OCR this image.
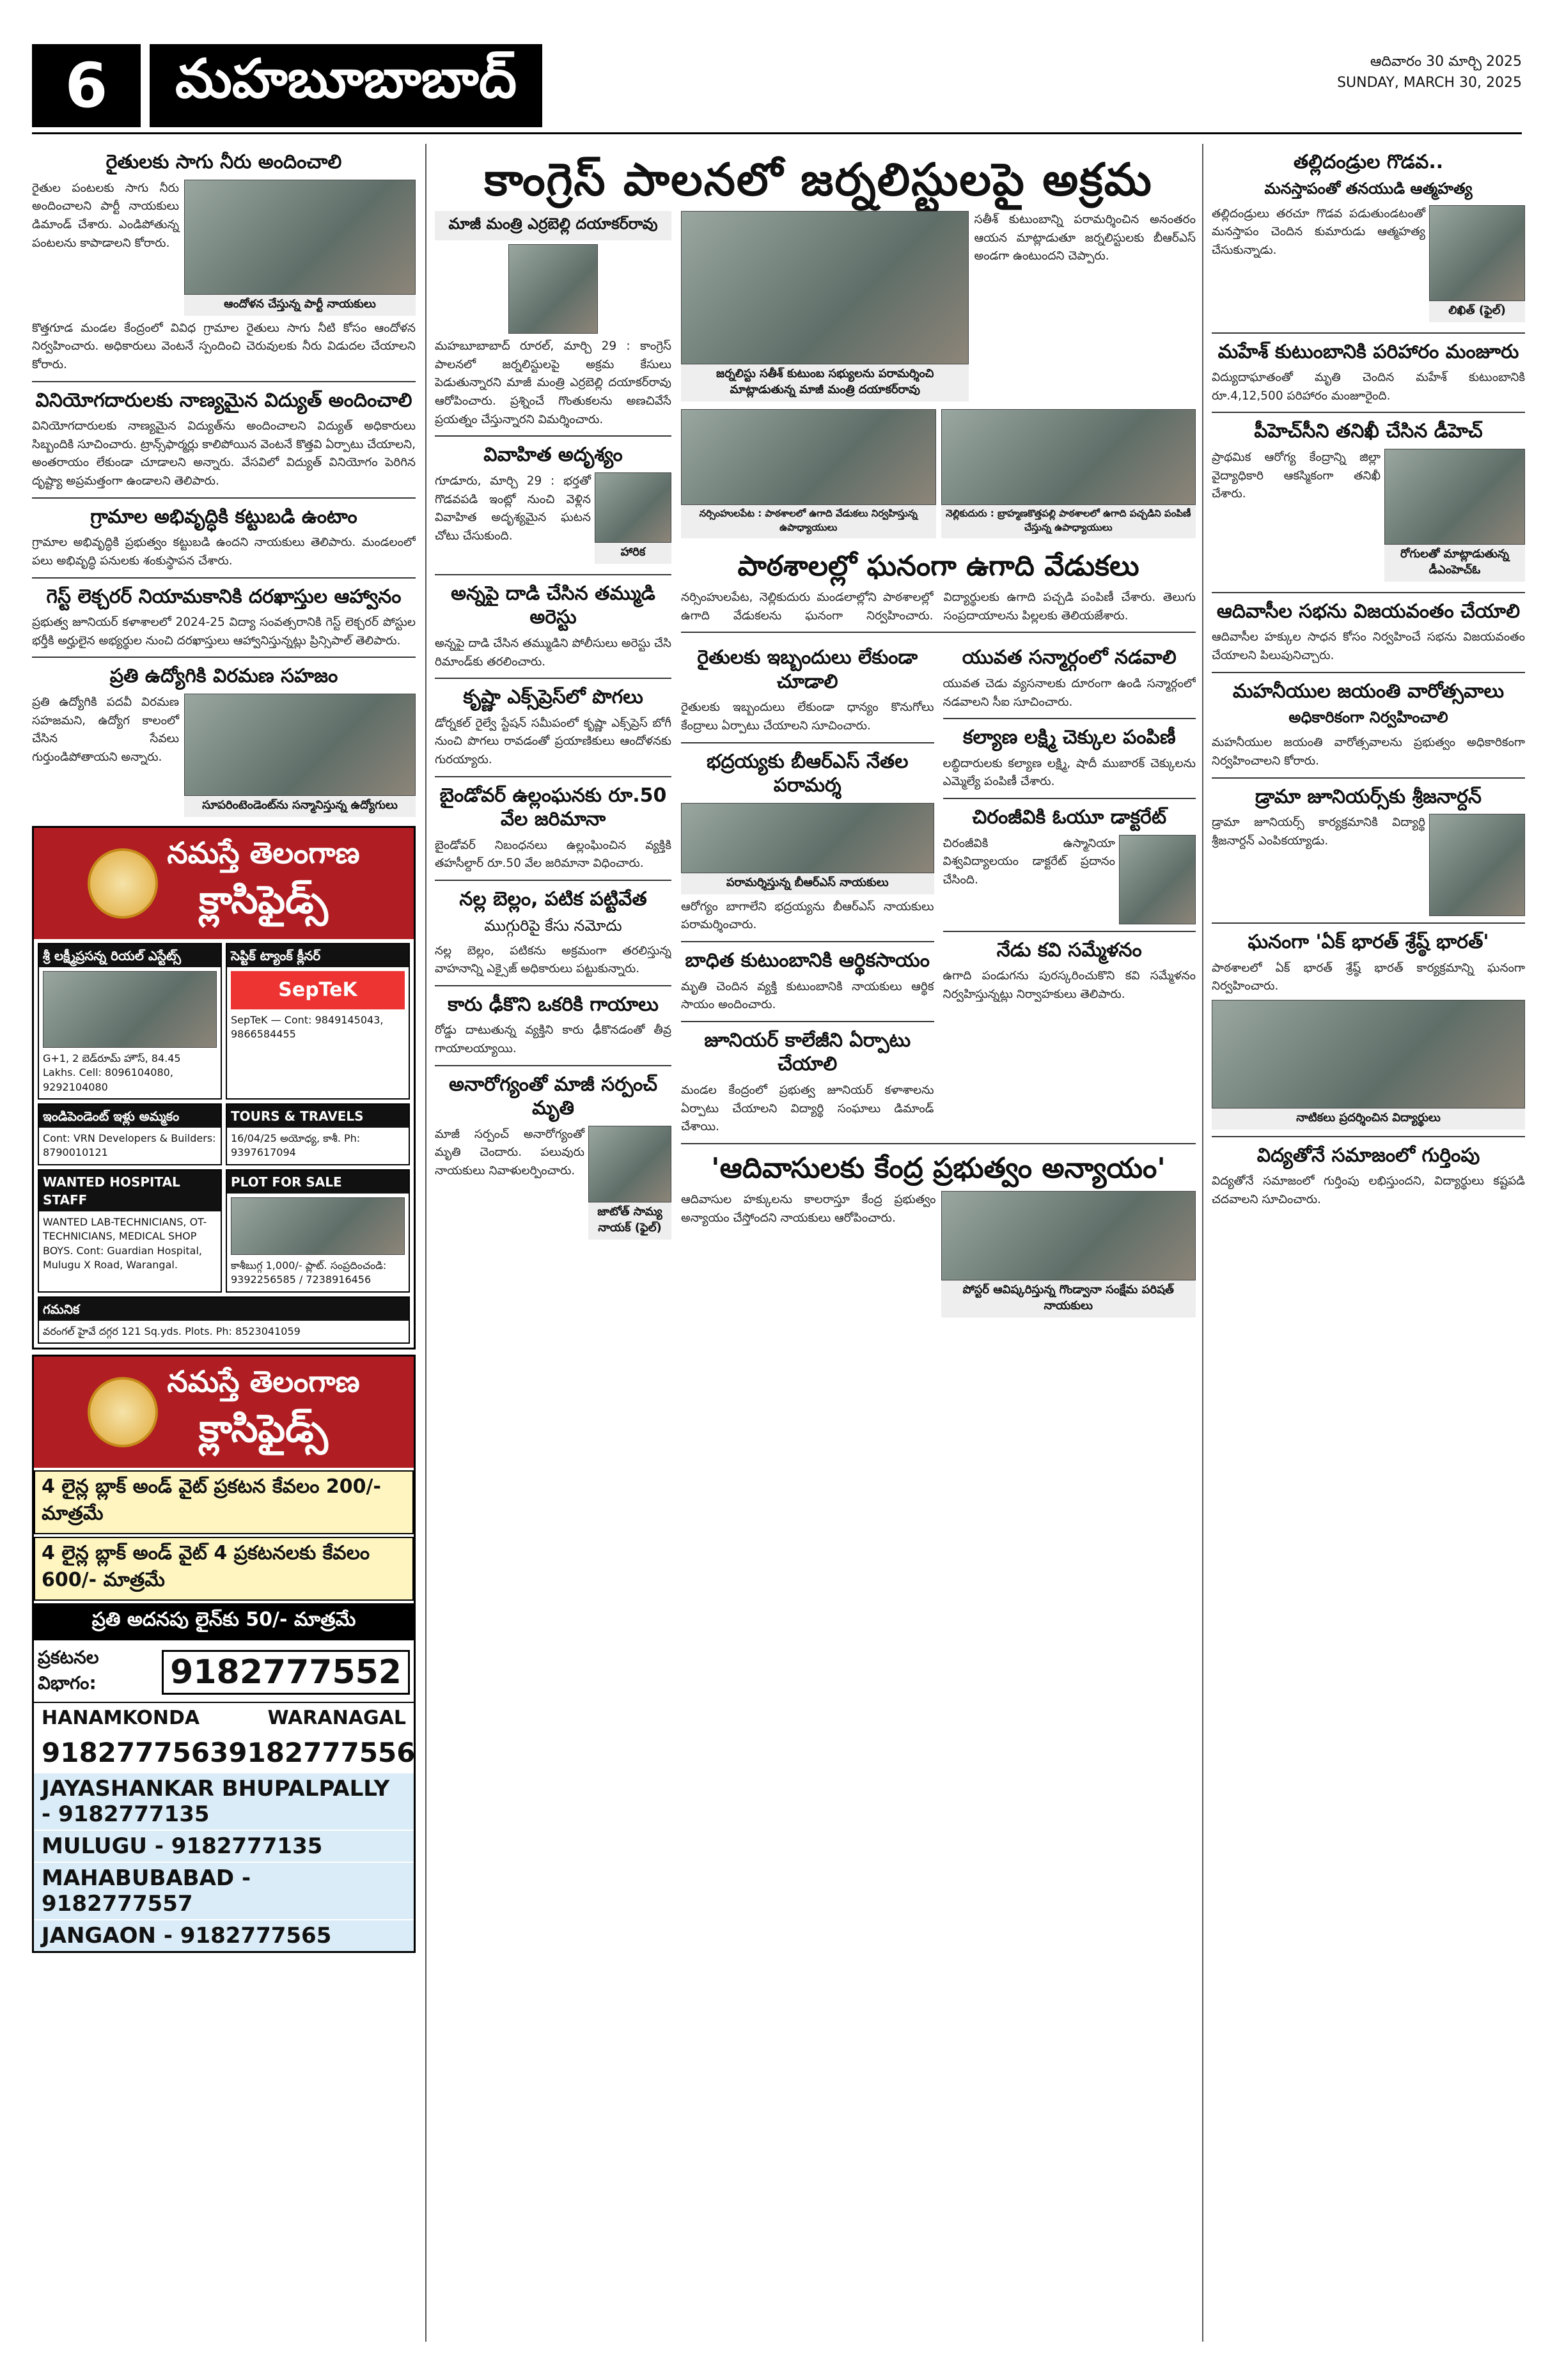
6	మహబూబాబాద్	ఆదివారం 30 మార్చి 2025
SUNDAY, MARCH 30, 2025
రైతులకు సాగు నీరు అందించాలి
రైతుల పంటలకు సాగు నీరు అందించాలని పార్టీ నాయకులు డిమాండ్ చేశారు. ఎండిపోతున్న పంటలను కాపాడాలని కోరారు.
ఆందోళన చేస్తున్న పార్టీ నాయకులు
కొత్తగూడ మండల కేంద్రంలో వివిధ గ్రామాల రైతులు సాగు నీటి కోసం ఆందోళన నిర్వహించారు. అధికారులు వెంటనే స్పందించి చెరువులకు నీరు విడుదల చేయాలని కోరారు.
వినియోగదారులకు నాణ్యమైన విద్యుత్ అందించాలి
వినియోగదారులకు నాణ్యమైన విద్యుత్‌ను అందించాలని విద్యుత్ అధికారులు సిబ్బందికి సూచించారు. ట్రాన్స్‌ఫార్మర్లు కాలిపోయిన వెంటనే కొత్తవి ఏర్పాటు చేయాలని, అంతరాయం లేకుండా చూడాలని అన్నారు. వేసవిలో విద్యుత్ వినియోగం పెరిగిన దృష్ట్యా అప్రమత్తంగా ఉండాలని తెలిపారు.
గ్రామాల అభివృద్ధికి కట్టుబడి ఉంటాం
గ్రామాల అభివృద్ధికి ప్రభుత్వం కట్టుబడి ఉందని నాయకులు తెలిపారు. మండలంలో పలు అభివృద్ధి పనులకు శంకుస్థాపన చేశారు.
గెస్ట్ లెక్చరర్ నియామకానికి దరఖాస్తుల ఆహ్వానం
ప్రభుత్వ జూనియర్ కళాశాలలో 2024-25 విద్యా సంవత్సరానికి గెస్ట్ లెక్చరర్ పోస్టుల భర్తీకి అర్హులైన అభ్యర్థుల నుంచి దరఖాస్తులు ఆహ్వానిస్తున్నట్లు ప్రిన్సిపాల్ తెలిపారు.
ప్రతి ఉద్యోగికి విరమణ సహజం
ప్రతి ఉద్యోగికి పదవీ విరమణ సహజమని, ఉద్యోగ కాలంలో చేసిన సేవలు గుర్తుండిపోతాయని అన్నారు.
సూపరింటెండెంట్‌ను సన్మానిస్తున్న ఉద్యోగులు
నమస్తే తెలంగాణ
క్లాసిఫైడ్స్
శ్రీ లక్ష్మీప్రసన్న రియల్ ఎస్టేట్స్
G+1, 2 బెడ్‌రూమ్ హౌస్, 84.45 Lakhs. Cell: 8096104080, 9292104080
సెప్టిక్ ట్యాంక్ క్లీనర్
SepTeK
SepTeK — Cont: 9849145043, 9866584455
ఇండిపెండెంట్ ఇళ్లు అమ్మకం
Cont: VRN Developers & Builders: 8790010121
TOURS & TRAVELS
16/04/25 అయోధ్య, కాశీ. Ph: 9397617094
WANTED HOSPITAL STAFF
WANTED LAB-TECHNICIANS, OT-TECHNICIANS, MEDICAL SHOP BOYS. Cont: Guardian Hospital, Mulugu X Road, Warangal.
PLOT FOR SALE
కాశీబుగ్గ 1,000/- ప్లాట్. సంప్రదించండి: 9392256585 / 7238916456
గమనిక
వరంగల్ హైవే దగ్గర 121 Sq.yds. Plots. Ph: 8523041059
నమస్తే తెలంగాణ
క్లాసిఫైడ్స్
4 లైన్ల బ్లాక్ అండ్ వైట్ ప్రకటన కేవలం 200/- మాత్రమే
4 లైన్ల బ్లాక్ అండ్ వైట్ 4 ప్రకటనలకు కేవలం 600/- మాత్రమే
ప్రతి అదనపు లైన్‌కు 50/- మాత్రమే
ప్రకటనల విభాగం:	9182777552
HANAMKONDA	WARANAGAL
9182777563 9182777556
JAYASHANKAR BHUPALPALLY - 9182777135
MULUGU - 9182777135
MAHABUBABAD - 9182777557
JANGAON - 9182777565
కాంగ్రెస్ పాలనలో జర్నలిస్టులపై అక్రమ
మాజీ మంత్రి ఎర్రబెల్లి దయాకర్‌రావు
మహబూబాబాద్ రూరల్, మార్చి 29 : కాంగ్రెస్ పాలనలో జర్నలిస్టులపై అక్రమ కేసులు పెడుతున్నారని మాజీ మంత్రి ఎర్రబెల్లి దయాకర్‌రావు ఆరోపించారు. ప్రశ్నించే గొంతుకలను అణచివేసే ప్రయత్నం చేస్తున్నారని విమర్శించారు.
వివాహిత అదృశ్యం
గూడూరు, మార్చి 29 : భర్తతో గొడవపడి ఇంట్లో నుంచి వెళ్లిన వివాహిత అదృశ్యమైన ఘటన చోటు చేసుకుంది.
హారిక
అన్నపై దాడి చేసిన తమ్ముడి అరెస్టు
అన్నపై దాడి చేసిన తమ్ముడిని పోలీసులు అరెస్టు చేసి రిమాండ్‌కు తరలించారు.
కృష్ణా ఎక్స్‌ప్రెస్‌లో పొగలు
డోర్నకల్ రైల్వే స్టేషన్ సమీపంలో కృష్ణా ఎక్స్‌ప్రెస్ బోగీ నుంచి పొగలు రావడంతో ప్రయాణికులు ఆందోళనకు గురయ్యారు.
బైండోవర్ ఉల్లంఘనకు రూ.50 వేల జరిమానా
బైండోవర్ నిబంధనలు ఉల్లంఘించిన వ్యక్తికి తహసీల్దార్ రూ.50 వేల జరిమానా విధించారు.
నల్ల బెల్లం, పటిక పట్టివేత
ముగ్గురిపై కేసు నమోదు
నల్ల బెల్లం, పటికను అక్రమంగా తరలిస్తున్న వాహనాన్ని ఎక్సైజ్ అధికారులు పట్టుకున్నారు.
కారు ఢీకొని ఒకరికి గాయాలు
రోడ్డు దాటుతున్న వ్యక్తిని కారు ఢీకొనడంతో తీవ్ర గాయాలయ్యాయి.
అనారోగ్యంతో మాజీ సర్పంచ్ మృతి
మాజీ సర్పంచ్ అనారోగ్యంతో మృతి చెందారు. పలువురు నాయకులు నివాళులర్పించారు.
జాటోత్ సామ్య నాయక్ (ఫైల్)
జర్నలిస్టు సతీశ్ కుటుంబ సభ్యులను పరామర్శించి మాట్లాడుతున్న మాజీ మంత్రి దయాకర్‌రావు
సతీశ్ కుటుంబాన్ని పరామర్శించిన అనంతరం ఆయన మాట్లాడుతూ జర్నలిస్టులకు బీఆర్‌ఎస్ అండగా ఉంటుందని చెప్పారు.
నర్సింహులపేట : పాఠశాలలో ఉగాది వేడుకలు నిర్వహిస్తున్న ఉపాధ్యాయులు
నెల్లికుదురు : బ్రాహ్మణకొత్తపల్లి పాఠశాలలో ఉగాది పచ్చడిని పంపిణీ చేస్తున్న ఉపాధ్యాయులు
పాఠశాలల్లో ఘనంగా ఉగాది వేడుకలు
నర్సింహులపేట, నెల్లికుదురు మండలాల్లోని పాఠశాలల్లో ఉగాది వేడుకలను ఘనంగా నిర్వహించారు. విద్యార్థులకు ఉగాది పచ్చడి పంపిణీ చేశారు. తెలుగు సంప్రదాయాలను పిల్లలకు తెలియజేశారు.
రైతులకు ఇబ్బందులు లేకుండా చూడాలి
రైతులకు ఇబ్బందులు లేకుండా ధాన్యం కొనుగోలు కేంద్రాలు ఏర్పాటు చేయాలని సూచించారు.
భద్రయ్యకు బీఆర్‌ఎస్ నేతల పరామర్శ
పరామర్శిస్తున్న బీఆర్‌ఎస్ నాయకులు
ఆరోగ్యం బాగాలేని భద్రయ్యను బీఆర్‌ఎస్ నాయకులు పరామర్శించారు.
బాధిత కుటుంబానికి ఆర్థికసాయం
మృతి చెందిన వ్యక్తి కుటుంబానికి నాయకులు ఆర్థిక సాయం అందించారు.
జూనియర్ కాలేజీని ఏర్పాటు చేయాలి
మండల కేంద్రంలో ప్రభుత్వ జూనియర్ కళాశాలను ఏర్పాటు చేయాలని విద్యార్థి సంఘాలు డిమాండ్ చేశాయి.
యువత సన్మార్గంలో నడవాలి
యువత చెడు వ్యసనాలకు దూరంగా ఉండి సన్మార్గంలో నడవాలని సీఐ సూచించారు.
కల్యాణ లక్ష్మి చెక్కుల పంపిణీ
లబ్ధిదారులకు కల్యాణ లక్ష్మి, షాదీ ముబారక్ చెక్కులను ఎమ్మెల్యే పంపిణీ చేశారు.
చిరంజీవికి ఓయూ డాక్టరేట్
చిరంజీవికి ఉస్మానియా విశ్వవిద్యాలయం డాక్టరేట్ ప్రదానం చేసింది.
నేడు కవి సమ్మేళనం
ఉగాది పండుగను పురస్కరించుకొని కవి సమ్మేళనం నిర్వహిస్తున్నట్లు నిర్వాహకులు తెలిపారు.
'ఆదివాసులకు కేంద్ర ప్రభుత్వం అన్యాయం'
ఆదివాసుల హక్కులను కాలరాస్తూ కేంద్ర ప్రభుత్వం అన్యాయం చేస్తోందని నాయకులు ఆరోపించారు.
పోస్టర్ ఆవిష్కరిస్తున్న గొండ్వానా సంక్షేమ పరిషత్ నాయకులు
తల్లిదండ్రుల గొడవ..
మనస్తాపంతో తనయుడి ఆత్మహత్య
తల్లిదండ్రులు తరచూ గొడవ పడుతుండటంతో మనస్తాపం చెందిన కుమారుడు ఆత్మహత్య చేసుకున్నాడు.
లిఖిత్ (ఫైల్)
మహేశ్ కుటుంబానికి పరిహారం మంజూరు
విద్యుదాఘాతంతో మృతి చెందిన మహేశ్ కుటుంబానికి రూ.4,12,500 పరిహారం మంజూరైంది.
పీహెచ్‌సీని తనిఖీ చేసిన డీహెచ్
ప్రాథమిక ఆరోగ్య కేంద్రాన్ని జిల్లా వైద్యాధికారి ఆకస్మికంగా తనిఖీ చేశారు.
రోగులతో మాట్లాడుతున్న డీఎంహెచ్‌ఓ
ఆదివాసీల సభను విజయవంతం చేయాలి
ఆదివాసీల హక్కుల సాధన కోసం నిర్వహించే సభను విజయవంతం చేయాలని పిలుపునిచ్చారు.
మహనీయుల జయంతి వారోత్సవాలు
అధికారికంగా నిర్వహించాలి
మహనీయుల జయంతి వారోత్సవాలను ప్రభుత్వం అధికారికంగా నిర్వహించాలని కోరారు.
డ్రామా జూనియర్స్‌కు శ్రీజనార్దన్
డ్రామా జూనియర్స్ కార్యక్రమానికి విద్యార్థి శ్రీజనార్దన్ ఎంపికయ్యాడు.
ఘనంగా 'ఏక్ భారత్ శ్రేష్ఠ్ భారత్'
పాఠశాలలో ఏక్ భారత్ శ్రేష్ఠ్ భారత్ కార్యక్రమాన్ని ఘనంగా నిర్వహించారు.
నాటికలు ప్రదర్శించిన విద్యార్థులు
విద్యతోనే సమాజంలో గుర్తింపు
విద్యతోనే సమాజంలో గుర్తింపు లభిస్తుందని, విద్యార్థులు కష్టపడి చదవాలని సూచించారు.
